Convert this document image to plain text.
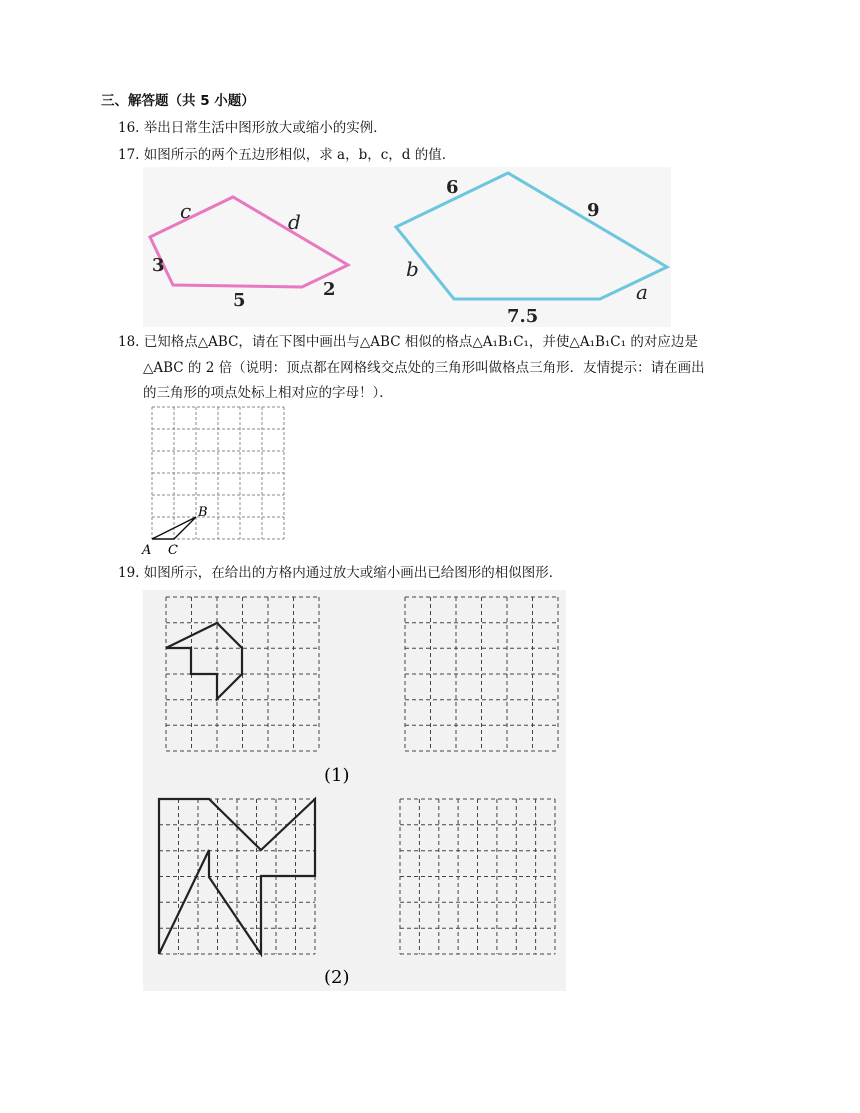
三、解答题（共 5 小题）
16. 举出日常生活中图形放大或缩小的实例．
17. 如图所示的两个五边形相似，求 a，b，c，d 的值．
c	d
3
5
2
6
9
b
7.5
a
18. 已知格点△ABC，请在下图中画出与△ABC 相似的格点△A₁B₁C₁，并使△A₁B₁C₁ 的对应边是
△ABC 的 2 倍（说明：顶点都在网格线交点处的三角形叫做格点三角形．友情提示：请在画出
的三角形的项点处标上相对应的字母！）．
A
B
C
19. 如图所示，在给出的方格内通过放大或缩小画出已给图形的相似图形．
(1)
(2)
